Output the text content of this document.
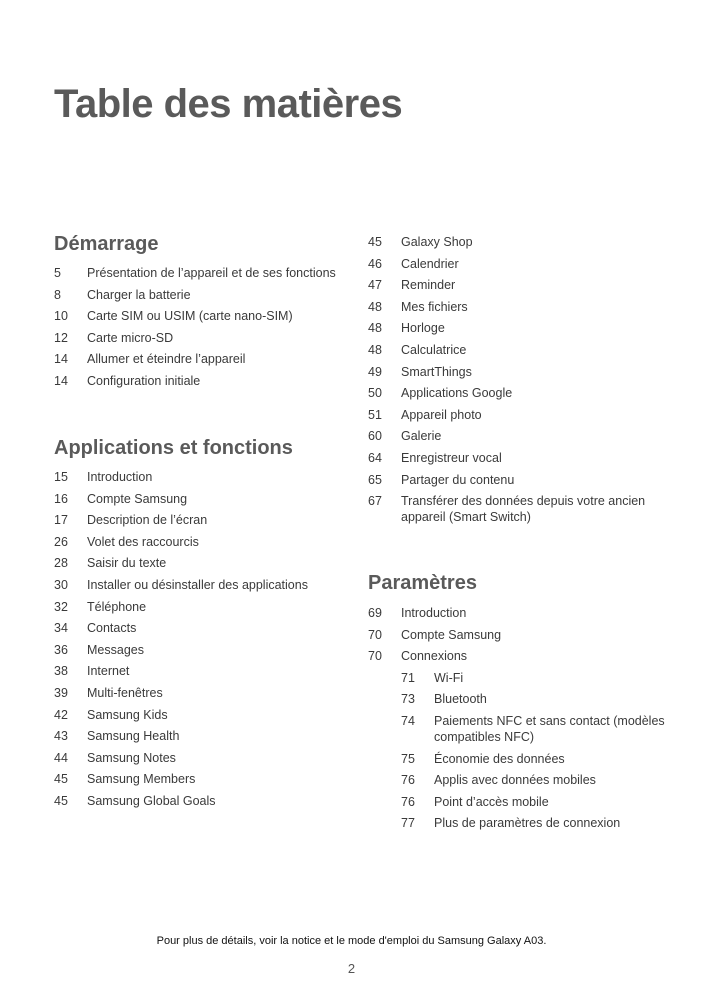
Table des matières
Démarrage
5	Présentation de l’appareil et de ses fonctions
8	Charger la batterie
10	Carte SIM ou USIM (carte nano-SIM)
12	Carte micro-SD
14	Allumer et éteindre l’appareil
14	Configuration initiale
Applications et fonctions
15	Introduction
16	Compte Samsung
17	Description de l’écran
26	Volet des raccourcis
28	Saisir du texte
30	Installer ou désinstaller des applications
32	Téléphone
34	Contacts
36	Messages
38	Internet
39	Multi-fenêtres
42	Samsung Kids
43	Samsung Health
44	Samsung Notes
45	Samsung Members
45	Samsung Global Goals
45	Galaxy Shop
46	Calendrier
47	Reminder
48	Mes fichiers
48	Horloge
48	Calculatrice
49	SmartThings
50	Applications Google
51	Appareil photo
60	Galerie
64	Enregistreur vocal
65	Partager du contenu
67	Transférer des données depuis votre ancien appareil (Smart Switch)
Paramètres
69	Introduction
70	Compte Samsung
70	Connexions
71	Wi-Fi
73	Bluetooth
74	Paiements NFC et sans contact (modèles compatibles NFC)
75	Économie des données
76	Applis avec données mobiles
76	Point d’accès mobile
77	Plus de paramètres de connexion
Pour plus de détails, voir la notice et le mode d'emploi du Samsung Galaxy A03.
2
